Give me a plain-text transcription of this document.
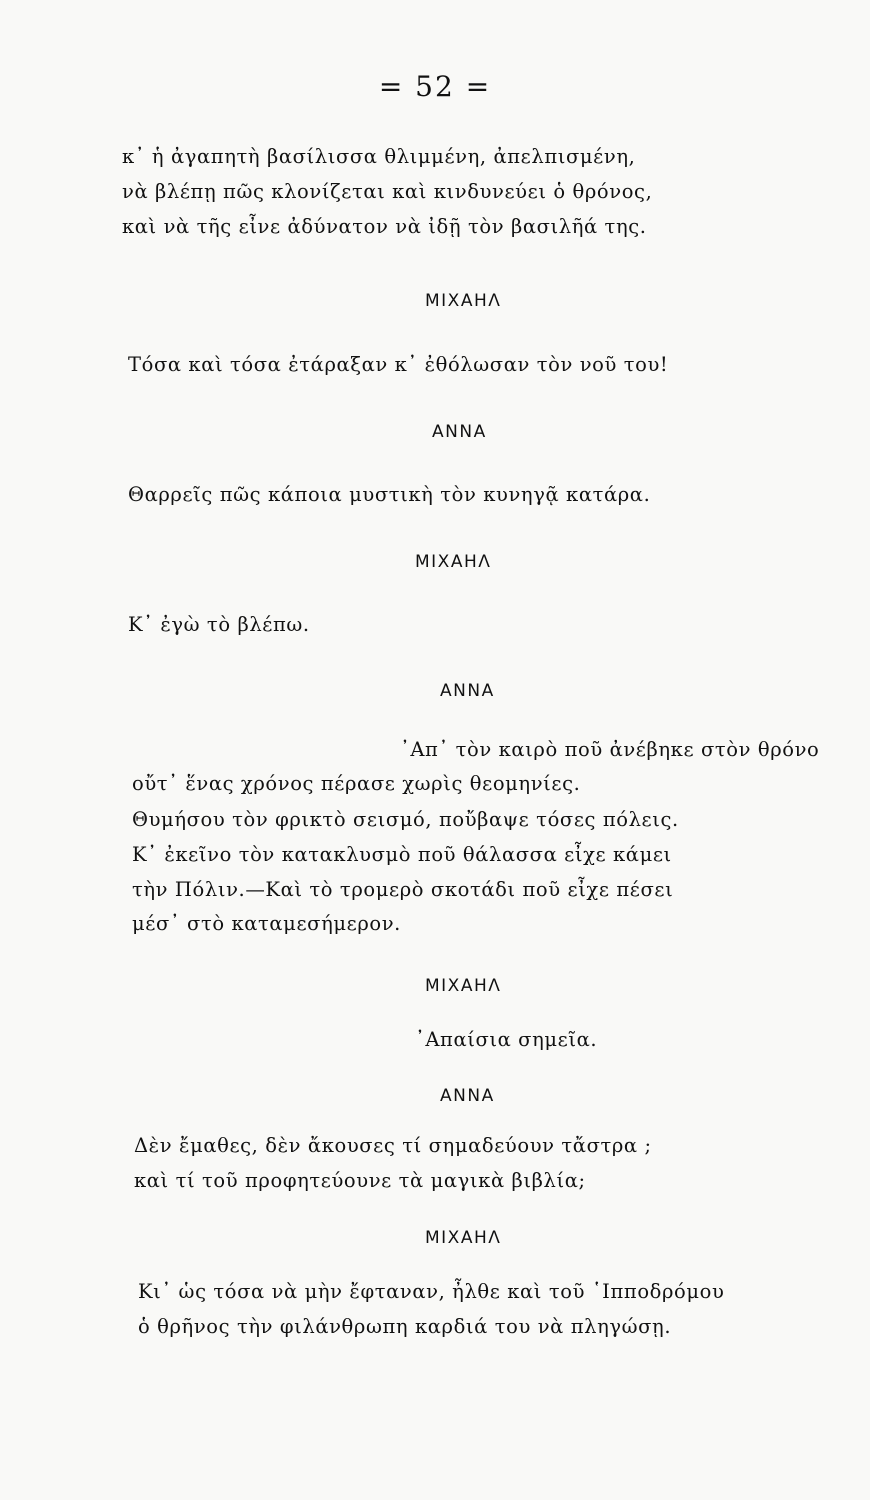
= 52 =
κ᾽ ἡ ἀγαπητὴ βασίλισσα θλιμμένη, ἀπελπισμένη,
νὰ βλέπῃ πῶς κλονίζεται καὶ κινδυνεύει ὁ θρόνος,
καὶ νὰ τῆς εἶνε ἀδύνατον νὰ ἰδῇ τὸν βασιλῆά της.
ΜΙΧΑΗΛ
Τόσα καὶ τόσα ἐτάραξαν κ᾽ ἐθόλωσαν τὸν νοῦ του!
ΑΝΝΑ
Θαρρεῖς πῶς κάποια μυστικὴ τὸν κυνηγᾷ κατάρα.
ΜΙΧΑΗΛ
Κ᾽ ἐγὼ τὸ βλέπω.
ΑΝΝΑ
᾽Απ᾽ τὸν καιρὸ ποῦ ἀνέβηκε στὸν θρόνο
οὔτ᾽ ἕνας χρόνος πέρασε χωρὶς θεομηνίες.
Θυμήσου τὸν φρικτὸ σεισμό, ποὔβαψε τόσες πόλεις.
Κ᾽ ἐκεῖνο τὸν κατακλυσμὸ ποῦ θάλασσα εἶχε κάμει
τὴν Πόλιν.—Καὶ τὸ τρομερὸ σκοτάδι ποῦ εἶχε πέσει
μέσ᾽ στὸ καταμεσήμερον.
ΜΙΧΑΗΛ
᾽Απαίσια σημεῖα.
ΑΝΝΑ
Δὲν ἔμαθες, δὲν ἄκουσες τί σημαδεύουν τἄστρα ;
καὶ τί τοῦ προφητεύουνε τὰ μαγικὰ βιβλία;
ΜΙΧΑΗΛ
Κι᾽ ὡς τόσα νὰ μὴν ἔφταναν, ἦλθε καὶ τοῦ ῾Ιπποδρόμου
ὁ θρῆνος τὴν φιλάνθρωπη καρδιά του νὰ πληγώσῃ.
